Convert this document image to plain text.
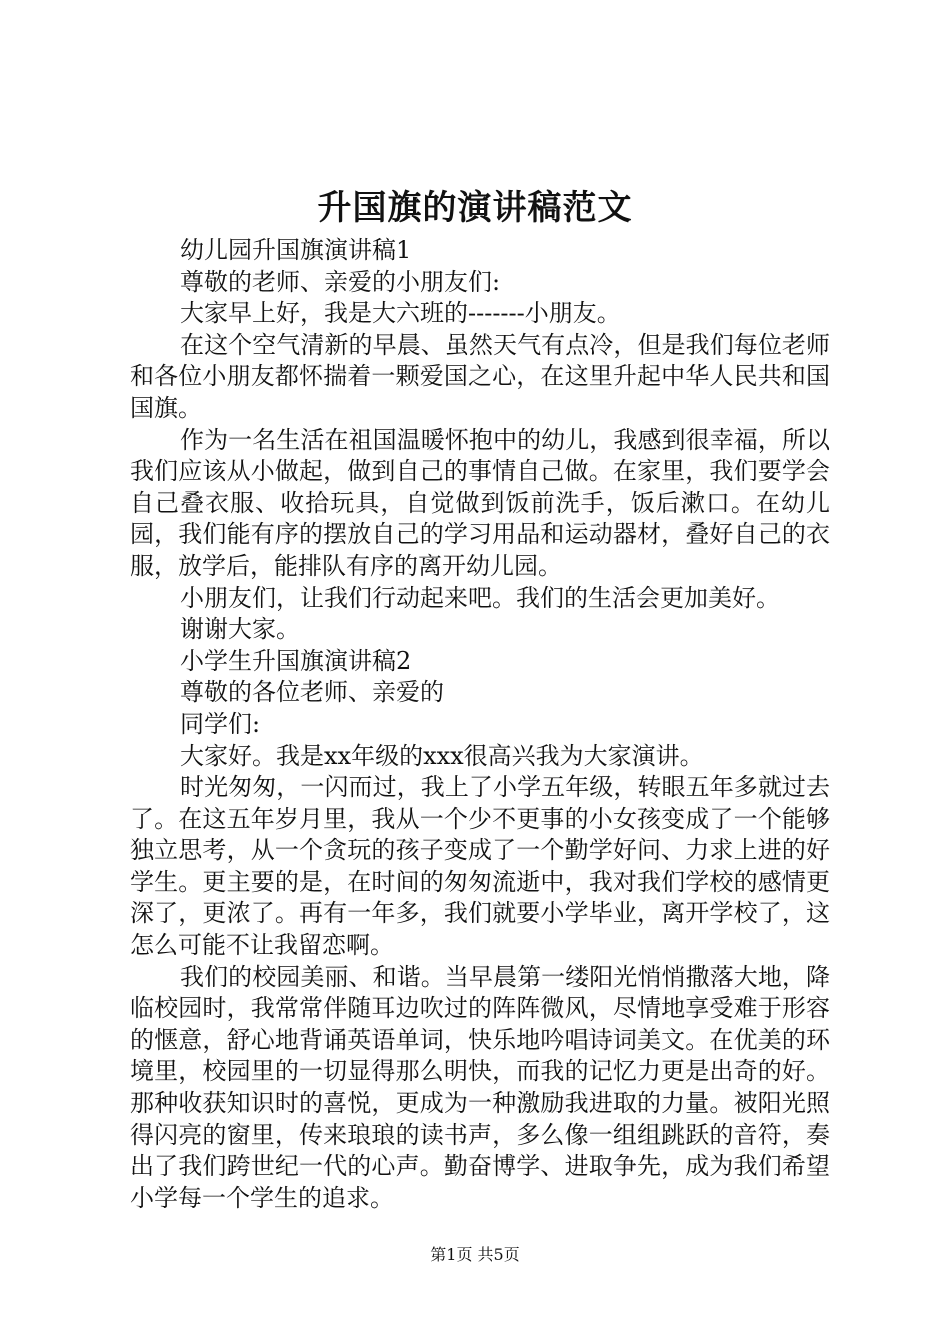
升国旗的演讲稿范文

幼儿园升国旗演讲稿1

尊敬的老师、亲爱的小朋友们:

大家早上好，我是大六班的-------小朋友。

在这个空气清新的早晨、虽然天气有点冷，但是我们每位老师和各位小朋友都怀揣着一颗爱国之心，在这里升起中华人民共和国国旗。

作为一名生活在祖国温暖怀抱中的幼儿，我感到很幸福，所以我们应该从小做起，做到自己的事情自己做。在家里，我们要学会自己叠衣服、收拾玩具，自觉做到饭前洗手，饭后漱口。在幼儿园，我们能有序的摆放自己的学习用品和运动器材，叠好自己的衣服，放学后，能排队有序的离开幼儿园。

小朋友们，让我们行动起来吧。我们的生活会更加美好。

谢谢大家。

小学生升国旗演讲稿2

尊敬的各位老师、亲爱的

同学们:

大家好。我是xx年级的xxx很高兴我为大家演讲。

时光匆匆，一闪而过，我上了小学五年级，转眼五年多就过去了。在这五年岁月里，我从一个少不更事的小女孩变成了一个能够独立思考，从一个贪玩的孩子变成了一个勤学好问、力求上进的好学生。更主要的是，在时间的匆匆流逝中，我对我们学校的感情更深了，更浓了。再有一年多，我们就要小学毕业，离开学校了，这怎么可能不让我留恋啊。

我们的校园美丽、和谐。当早晨第一缕阳光悄悄撒落大地，降临校园时，我常常伴随耳边吹过的阵阵微风，尽情地享受难于形容的惬意，舒心地背诵英语单词，快乐地吟唱诗词美文。在优美的环境里，校园里的一切显得那么明快，而我的记忆力更是出奇的好。那种收获知识时的喜悦，更成为一种激励我进取的力量。被阳光照得闪亮的窗里，传来琅琅的读书声，多么像一组组跳跃的音符，奏出了我们跨世纪一代的心声。勤奋博学、进取争先，成为我们希望小学每一个学生的追求。

第1页 共5页
